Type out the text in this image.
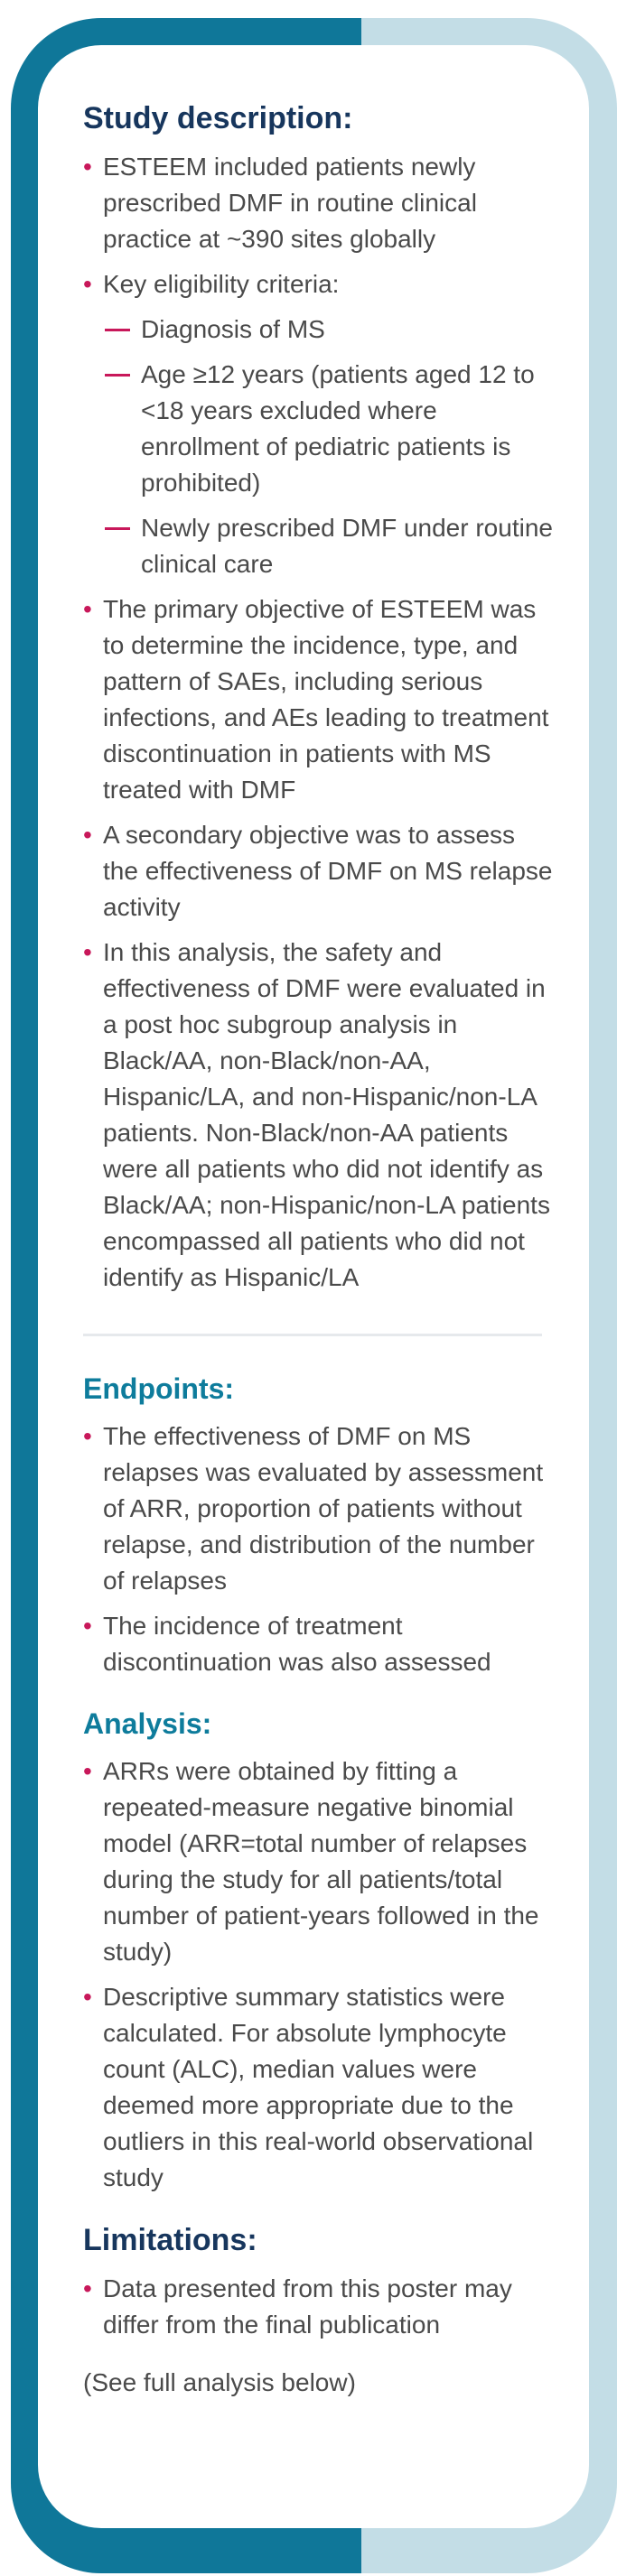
Study description:
• ESTEEM included patients newly prescribed DMF in routine clinical practice at ~390 sites globally
• Key eligibility criteria:
Diagnosis of MS
Age ≥12 years (patients aged 12 to <18 years excluded where enrollment of pediatric patients is prohibited)
Newly prescribed DMF under routine clinical care
• The primary objective of ESTEEM was to determine the incidence, type, and pattern of SAEs, including serious infections, and AEs leading to treatment discontinuation in patients with MS treated with DMF
• A secondary objective was to assess the effectiveness of DMF on MS relapse activity
• In this analysis, the safety and effectiveness of DMF were evaluated in a post hoc subgroup analysis in Black/AA, non-Black/non-AA, Hispanic/LA, and non-Hispanic/non-LA patients. Non-Black/non-AA patients were all patients who did not identify as Black/AA; non-Hispanic/non-LA patients encompassed all patients who did not identify as Hispanic/LA
Endpoints:
• The effectiveness of DMF on MS relapses was evaluated by assessment of ARR, proportion of patients without relapse, and distribution of the number of relapses
• The incidence of treatment discontinuation was also assessed
Analysis:
• ARRs were obtained by fitting a repeated-measure negative binomial model (ARR=total number of relapses during the study for all patients/total number of patient-years followed in the study)
• Descriptive summary statistics were calculated. For absolute lymphocyte count (ALC), median values were deemed more appropriate due to the outliers in this real-world observational study
Limitations:
• Data presented from this poster may differ from the final publication
(See full analysis below)
